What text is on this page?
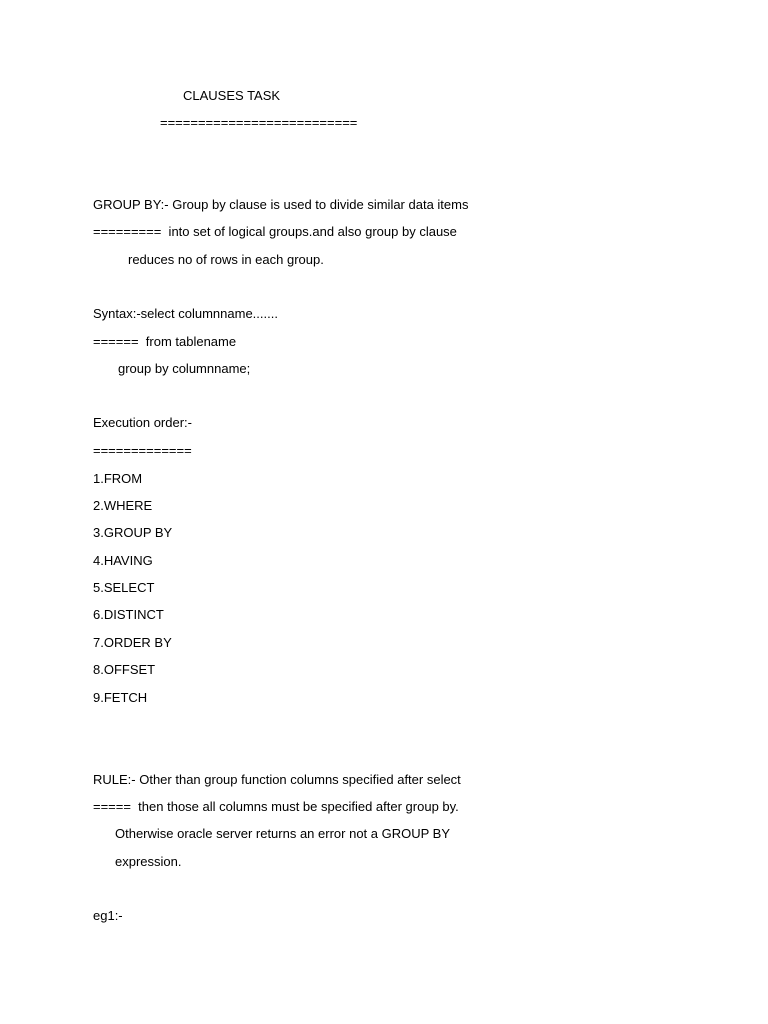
CLAUSES TASK
==========================
GROUP BY:- Group by clause is used to divide similar data items
=========  into set of logical groups.and also group by clause
reduces no of rows in each group.
Syntax:-select columnname.......
======  from tablename
group by columnname;
Execution order:-
=============
1.FROM
2.WHERE
3.GROUP BY
4.HAVING
5.SELECT
6.DISTINCT
7.ORDER BY
8.OFFSET
9.FETCH
RULE:- Other than group function columns specified after select
=====  then those all columns must be specified after group by.
Otherwise oracle server returns an error not a GROUP BY
expression.
eg1:-
